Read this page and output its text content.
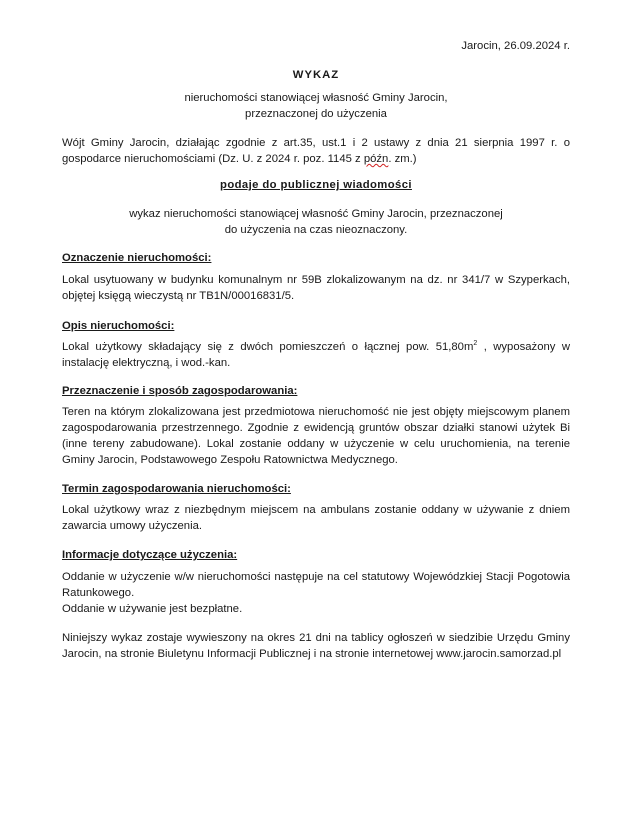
Jarocin, 26.09.2024 r.
WYKAZ
nieruchomości stanowiącej własność Gminy Jarocin,
przeznaczonej do użyczenia
Wójt Gminy Jarocin, działając zgodnie z art.35, ust.1 i 2 ustawy z dnia 21 sierpnia 1997 r. o gospodarce nieruchomościami (Dz. U. z 2024 r. poz. 1145 z późn. zm.)
podaje do publicznej wiadomości
wykaz nieruchomości stanowiącej własność Gminy Jarocin, przeznaczonej
do użyczenia na czas nieoznaczony.
Oznaczenie nieruchomości:
Lokal usytuowany w budynku komunalnym nr 59B zlokalizowanym na dz. nr 341/7 w Szyperkach, objętej księgą wieczystą nr TB1N/00016831/5.
Opis nieruchomości:
Lokal użytkowy składający się z dwóch pomieszczeń o łącznej pow. $51,80m^2$ , wyposażony w instalację elektryczną, i wod.-kan.
Przeznaczenie i sposób zagospodarowania:
Teren na którym zlokalizowana jest przedmiotowa nieruchomość nie jest objęty miejscowym planem zagospodarowania przestrzennego. Zgodnie z ewidencją gruntów obszar działki stanowi użytek Bi (inne tereny zabudowane). Lokal zostanie oddany w użyczenie w celu uruchomienia, na terenie Gminy Jarocin, Podstawowego Zespołu Ratownictwa Medycznego.
Termin zagospodarowania nieruchomości:
Lokal użytkowy wraz z niezbędnym miejscem na ambulans zostanie oddany w używanie z dniem zawarcia umowy użyczenia.
Informacje dotyczące użyczenia:
Oddanie w użyczenie w/w nieruchomości następuje na cel statutowy Wojewódzkiej Stacji Pogotowia Ratunkowego.
Oddanie w używanie jest bezpłatne.
Niniejszy wykaz zostaje wywieszony na okres 21 dni na tablicy ogłoszeń w siedzibie Urzędu Gminy Jarocin, na stronie Biuletynu Informacji Publicznej i na stronie internetowej www.jarocin.samorzad.pl
